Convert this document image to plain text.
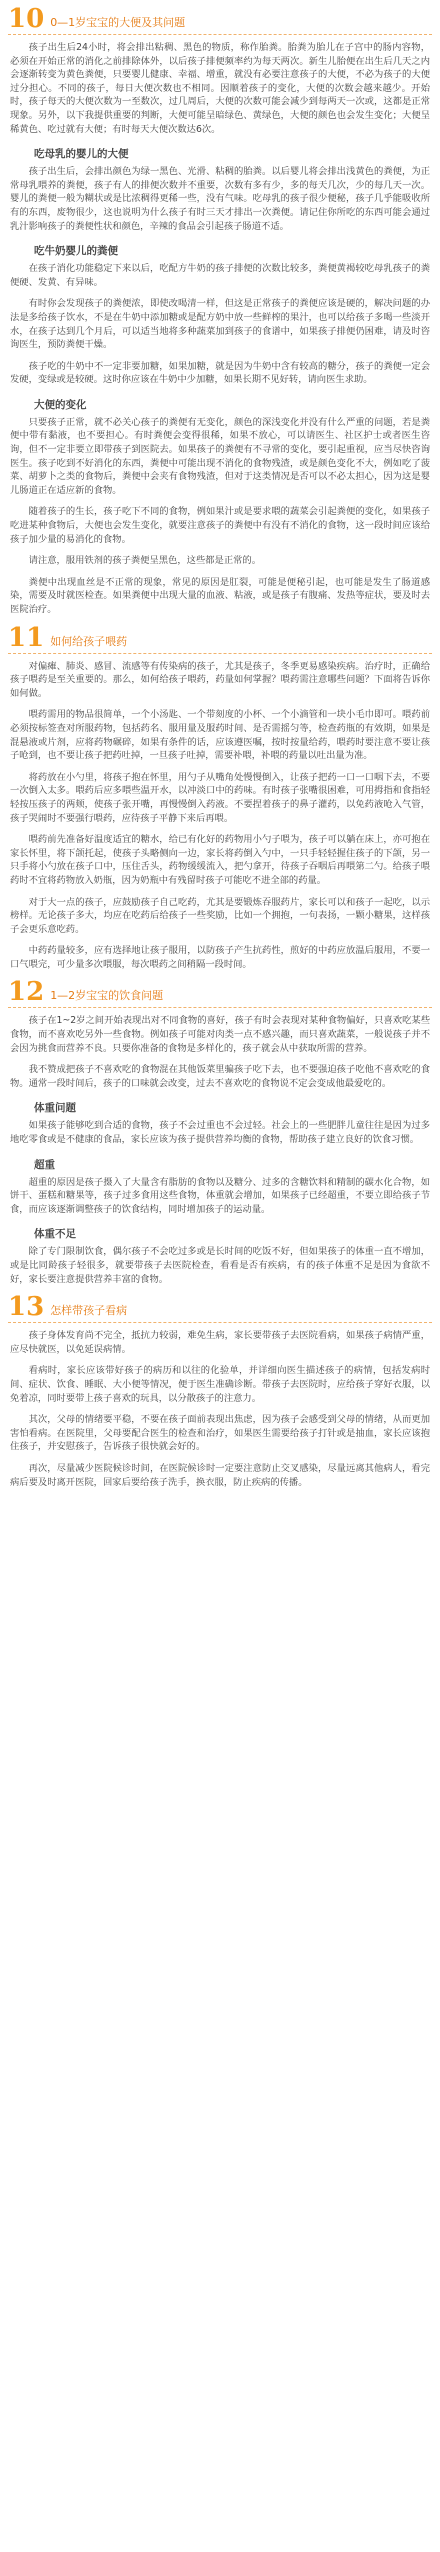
10 0—1岁宝宝的大便及其问题
孩子出生后24小时，将会排出粘稠、黑色的物质，称作胎粪。胎粪为胎儿在子宫中的肠内容物，必须在开始正常的消化之前排除体外，以后孩子排便频率约为每天两次。新生儿胎便在出生后几天之内会逐渐转变为黄色粪便，只要婴儿健康、幸福、增重，就没有必要注意孩子的大便，不必为孩子的大便过分担心。不同的孩子，每日大便次数也不相同。因顺着孩子的变化，大便的次数会越来越少。开始时，孩子每天的大便次数为一至数次，过几周后，大便的次数可能会减少到每两天一次或，这都是正常现象。另外，以下我提供重要的判断，大便可能呈暗绿色、黄绿色，大便的颜色也会发生变化；大便呈稀黄色、吃过就有大便；有时每天大便次数达6次。
吃母乳的婴儿的大便
孩子出生后，会排出颜色为绿一黑色、光滑、粘稠的胎粪。以后婴儿将会排出浅黄色的粪便，为正常母乳喂养的粪便，孩子有人的排便次数并不重要，次数有多有少，多的每天几次，少的每几天一次。婴儿的粪便一般为糊状或是比浓稠得更稀一些，没有气味。吃母乳的孩子很少便秘，孩子几乎能吸收所有的东西，废物很少，这也说明为什么孩子有时三天才排出一次粪便。请记住你所吃的东西可能会通过乳汁影响孩子的粪便性状和颜色，辛辣的食品会引起孩子肠道不适。
吃牛奶婴儿的粪便
在孩子消化功能稳定下来以后，吃配方牛奶的孩子排便的次数比较多，粪便黄褐较吃母乳孩子的粪便硬、发黄、有异味。
有时你会发现孩子的粪便浓，即使改喝清一样，但这是正常孩子的粪便应该是硬的，解决问题的办法是多给孩子饮水，不是在牛奶中添加糖或是配方奶中放一些鲜榨的果汁，也可以给孩子多喝一些淡开水，在孩子达到几个月后，可以适当地将多种蔬菜加到孩子的食谱中，如果孩子排便仍困难，请及时咨询医生，预防粪便干燥。
孩子吃的牛奶中不一定非要加糖，如果加糖，就是因为牛奶中含有较高的糖分，孩子的粪便一定会发硬，变绿或是较硬。这时你应该在牛奶中少加糖，如果长期不见好转，请向医生求助。
大便的变化
只要孩子正常，就不必关心孩子的粪便有无变化，颜色的深浅变化并没有什么严重的问题，若是粪便中带有黏液，也不要担心。有时粪便会变得很稀，如果不放心，可以请医生、社区护士或者医生咨询，但不一定非要立即带孩子到医院去。如果孩子的粪便有不寻常的变化，要引起重视，应当尽快咨询医生。孩子吃到不好消化的东西，粪便中可能出现不消化的食物残渣，或是颜色变化不大，例如吃了菠菜、胡萝卜之类的食物后，粪便中会夹有食物残渣，但对于这类情况是否可以不必太担心，因为这是婴儿肠道正在适应新的食物。
随着孩子的生长，孩子吃下不同的食物，例如果汁或是要求喂的蔬菜会引起粪便的变化，如果孩子吃进某种食物后，大便也会发生变化，就要注意孩子的粪便中有没有不消化的食物，这一段时间应该给孩子加少量的易消化的食物。
请注意，服用铁剂的孩子粪便呈黑色，这些都是正常的。
粪便中出现血丝是不正常的现象，常见的原因是肛裂，可能是便秘引起，也可能是发生了肠道感染，需要及时就医检查。如果粪便中出现大量的血液、粘液，或是孩子有腹痛、发热等症状，要及时去医院治疗。
11 如何给孩子喂药
对偏瘫、肺炎、感冒、流感等有传染病的孩子，尤其是孩子，冬季更易感染疾病。治疗时，正确给孩子喂药是至关重要的。那么，如何给孩子喂药，药量如何掌握？喂药需注意哪些问题？下面将告诉你如何做。
喂药需用的物品很简单，一个小汤匙、一个带刻度的小杯、一个小滴管和一块小毛巾即可。喂药前必须按标签查对所服药物，包括药名、服用量及服药时间、是否需摇匀等，检查药瓶的有效期，如果是混悬液或片剂，应将药物碾碎，如果有条件的话，应该遵医嘱，按时按量给药，喂药时要注意不要让孩子呛到，也不要让孩子把药吐掉，一旦孩子吐掉，需要补喂，补喂的药量以吐出量为准。
将药放在小勺里，将孩子抱在怀里，用勺子从嘴角处慢慢倒入，让孩子把药一口一口咽下去，不要一次倒入太多。喂药后应多喂些温开水，以冲淡口中的药味。有时孩子张嘴很困难，可用拇指和食指轻轻按压孩子的两颊，使孩子张开嘴，再慢慢倒入药液。不要捏着孩子的鼻子灌药，以免药液呛入气管，孩子哭闹时不要强行喂药，应待孩子平静下来后再喂。
喂药前先准备好温度适宜的糖水，给已有化好的药物用小勺子喂为，孩子可以躺在床上，亦可抱在家长怀里，将下颌托起，使孩子头略侧向一边，家长将药倒入勺中，一只手轻轻握住孩子的下颌，另一只手将小勺放在孩子口中，压住舌头，药物缓缓流入，把勺拿开，待孩子吞咽后再喂第二勺。给孩子喂药时不宜将药物放入奶瓶，因为奶瓶中有残留时孩子可能吃不进全部的药量。
对于大一点的孩子，应鼓励孩子自己吃药，尤其是要锻炼吞服药片，家长可以和孩子一起吃，以示榜样。无论孩子多大，均应在吃药后给孩子一些奖励，比如一个拥抱，一句表扬，一颗小糖果，这样孩子会更乐意吃药。
中药药量较多，应有选择地让孩子服用，以防孩子产生抗药性，煎好的中药应放温后服用，不要一口气喂完，可少量多次喂服，每次喂药之间稍隔一段时间。
12 1—2岁宝宝的饮食问题
孩子在1~2岁之间开始表现出对不同食物的喜好，孩子有时会表现对某种食物偏好，只喜欢吃某些食物，而不喜欢吃另外一些食物。例如孩子可能对肉类一点不感兴趣，而只喜欢蔬菜，一般说孩子并不会因为挑食而营养不良。只要你准备的食物是多样化的，孩子就会从中获取所需的营养。
我不赞成把孩子不喜欢吃的食物混在其他饭菜里骗孩子吃下去，也不要强迫孩子吃他不喜欢吃的食物。通常一段时间后，孩子的口味就会改变，过去不喜欢吃的食物说不定会变成他最爱吃的。
体重问题
如果孩子能够吃到合适的食物，孩子不会过重也不会过轻。社会上的一些肥胖儿童往往是因为过多地吃零食或是不健康的食品，家长应该为孩子提供营养均衡的食物，帮助孩子建立良好的饮食习惯。
超重
超重的原因是孩子摄入了大量含有脂肪的食物以及糖分、过多的含糖饮料和精制的碳水化合物，如饼干、蛋糕和糖果等，孩子过多食用这些食物，体重就会增加，如果孩子已经超重，不要立即给孩子节食，而应该逐渐调整孩子的饮食结构，同时增加孩子的运动量。
体重不足
除了专门限制饮食，偶尔孩子不会吃过多或是长时间的吃饭不好，但如果孩子的体重一直不增加，或是比同龄孩子轻很多，就要带孩子去医院检查，看看是否有疾病，有的孩子体重不足是因为食欲不好，家长要注意提供营养丰富的食物。
13 怎样带孩子看病
孩子身体发育尚不完全，抵抗力较弱，难免生病，家长要带孩子去医院看病，如果孩子病情严重，应尽快就医，以免延误病情。
看病时，家长应该带好孩子的病历和以往的化验单，并详细向医生描述孩子的病情，包括发病时间、症状、饮食、睡眠、大小便等情况，便于医生准确诊断。带孩子去医院时，应给孩子穿好衣服，以免着凉，同时要带上孩子喜欢的玩具，以分散孩子的注意力。
其次，父母的情绪要平稳，不要在孩子面前表现出焦虑，因为孩子会感受到父母的情绪，从而更加害怕看病。在医院里，父母要配合医生的检查和治疗，如果医生需要给孩子打针或是抽血，家长应该抱住孩子，并安慰孩子，告诉孩子很快就会好的。
再次，尽量减少医院候诊时间，在医院候诊时一定要注意防止交叉感染，尽量远离其他病人，看完病后要及时离开医院，回家后要给孩子洗手，换衣服，防止疾病的传播。
